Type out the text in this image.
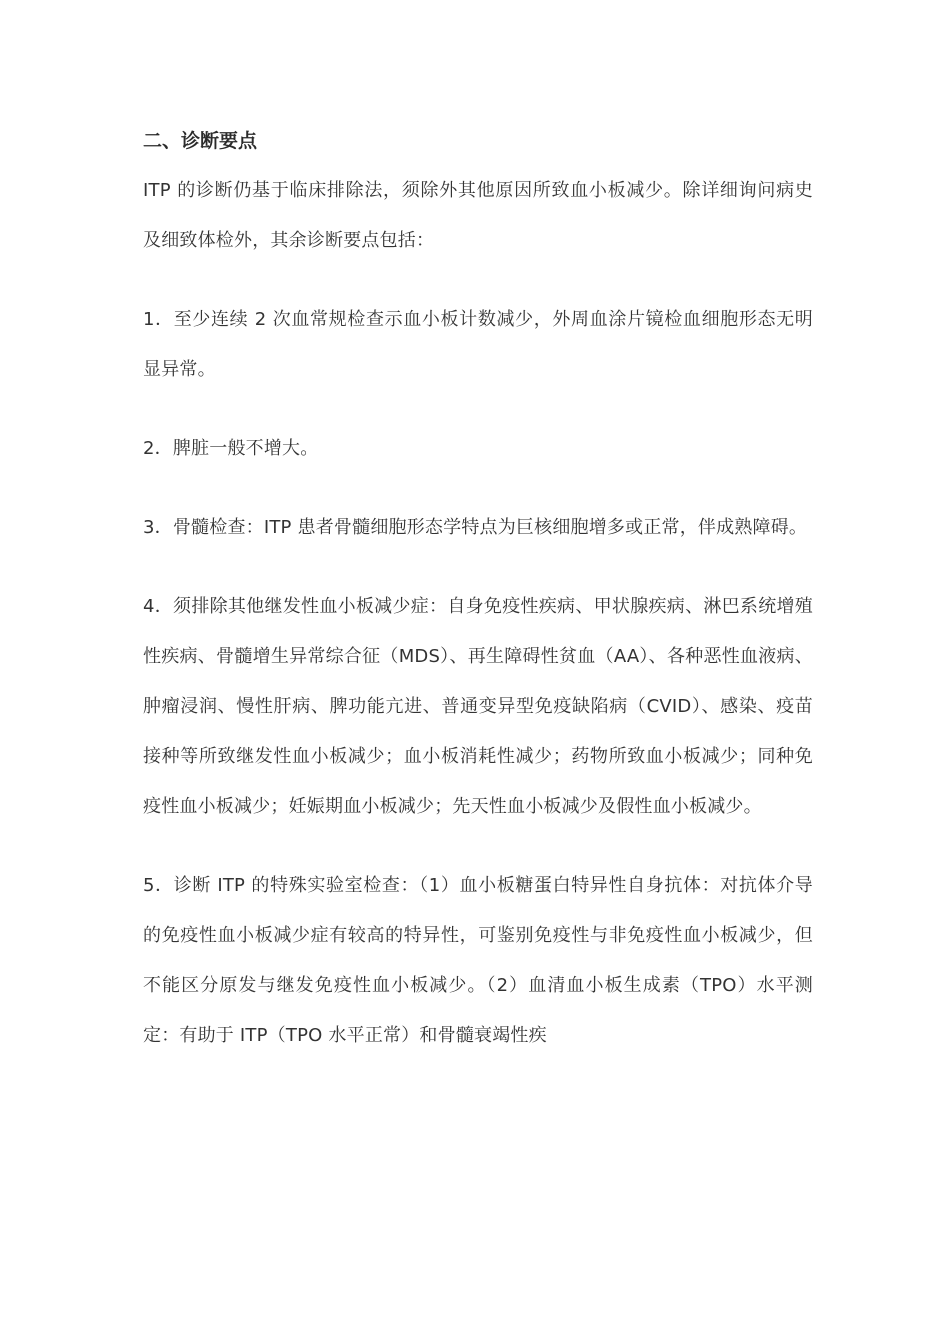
二、诊断要点

ITP 的诊断仍基于临床排除法，须除外其他原因所致血小板减少。除详细询问病史及细致体检外，其余诊断要点包括：

1．至少连续 2 次血常规检查示血小板计数减少，外周血涂片镜检血细胞形态无明显异常。

2．脾脏一般不增大。

3．骨髓检查：ITP 患者骨髓细胞形态学特点为巨核细胞增多或正常，伴成熟障碍。

4．须排除其他继发性血小板减少症：自身免疫性疾病、甲状腺疾病、淋巴系统增殖性疾病、骨髓增生异常综合征（MDS）、再生障碍性贫血（AA）、各种恶性血液病、肿瘤浸润、慢性肝病、脾功能亢进、普通变异型免疫缺陷病（CVID）、感染、疫苗接种等所致继发性血小板减少；血小板消耗性减少；药物所致血小板减少；同种免疫性血小板减少；妊娠期血小板减少；先天性血小板减少及假性血小板减少。

5．诊断 ITP 的特殊实验室检查：（1）血小板糖蛋白特异性自身抗体：对抗体介导的免疫性血小板减少症有较高的特异性，可鉴别免疫性与非免疫性血小板减少，但不能区分原发与继发免疫性血小板减少。（2）血清血小板生成素（TPO）水平测定：有助于 ITP（TPO 水平正常）和骨髓衰竭性疾
